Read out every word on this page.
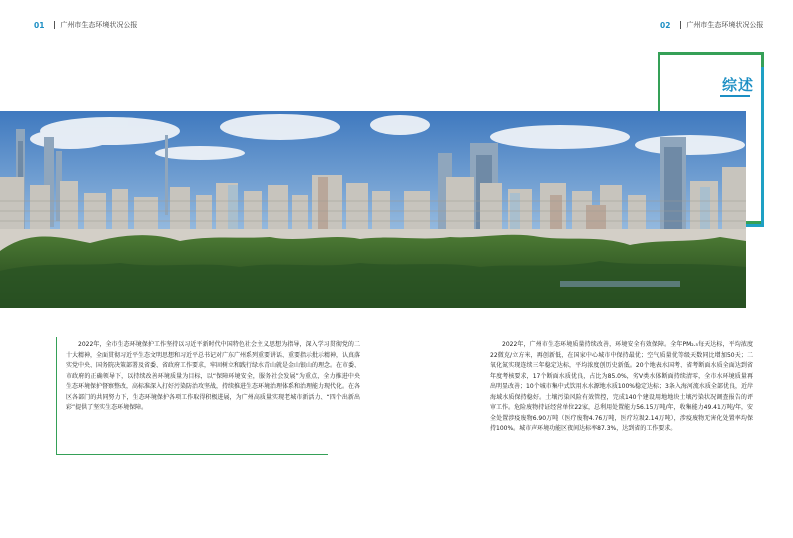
01 广州市生态环境状况公报	02 广州市生态环境状况公报
综述

2022年，全市生态环境保护工作坚持以习近平新时代中国特色社会主义思想为指导，深入学习贯彻党的二十大精神，全面贯彻习近平生态文明思想和习近平总书记对广东广州系列重要讲话、重要指示批示精神，认真落实党中央、国务院决策部署及省委、省政府工作要求，牢固树立和践行绿水青山就是金山银山的理念。在市委、市政府的正确领导下，以持续改善环境质量为目标，以“保障环境安全，服务社会发展”为重点，全力推进中央生态环境保护督察整改，高标准深入打好污染防治攻坚战，持续推进生态环境治理体系和治理能力现代化。在各区各部门的共同努力下，生态环境保护各项工作取得积极进展，为广州高质量实现老城市新活力、“四个出新出彩”提供了坚实生态环境保障。

2022年，广州市生态环境质量持续改善，环境安全有效保障。全年PM₂.₅每天达标，平均浓度22微克/立方米，再创新低，在国家中心城市中保持最优；空气质量优等级天数同比增加50天；二氧化氮实现连续三年稳定达标，平均浓度创历史新低。20个地表水国考、省考断面水质全面达到省年度考核要求，17个断面水质优良，占比为85.0%，劣V类水体断面持续清零，全市水环境质量再出明显改善；10个城市集中式饮用水水源地水质100%稳定达标；3条入海河流水质全部优良，近岸海域水质保持稳好。土壤污染风险有效管控，完成140个建设用地地块土壤污染状况调查报告的评审工作。危险废物持证经营单位22家，总利用处置能力56.15万吨/年，收集能力49.41万吨/年，安全处置涉疫废物6.90万吨（医疗废物4.76万吨，医疗垃圾2.14万吨），涉疫废物无害化处置率均保持100%。城市声环境功能区夜间达标率87.3%，达到省的工作要求。
